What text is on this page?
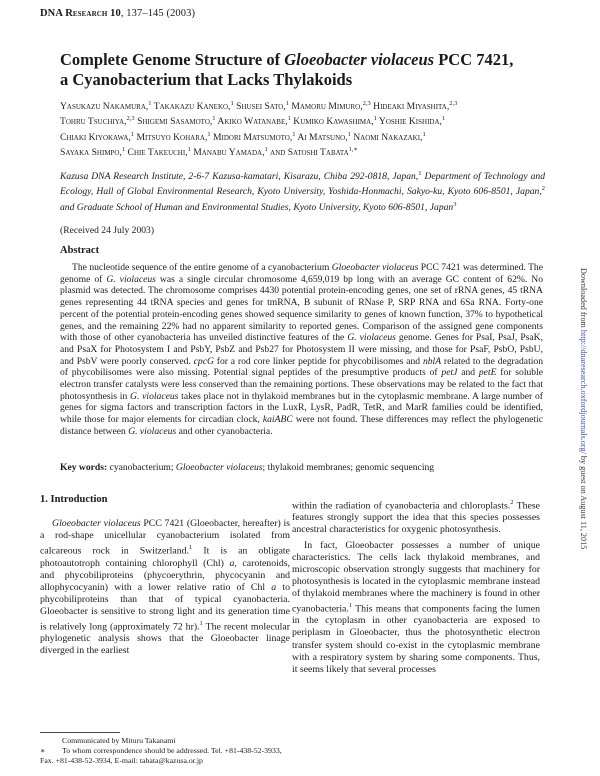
DNA Research 10, 137–145 (2003)
Complete Genome Structure of Gloeobacter violaceus PCC 7421,
a Cyanobacterium that Lacks Thylakoids
Yasukazu Nakamura,$^1$ Takakazu Kaneko,$^1$ Shusei Sato,$^1$ Mamoru Mimuro,$^{2,3}$ Hideaki Miyashita,$^{2,3}$
Tohru Tsuchiya,$^{2,3}$ Shigemi Sasamoto,$^1$ Akiko Watanabe,$^1$ Kumiko Kawashima,$^1$ Yoshie Kishida,$^1$
Chiaki Kiyokawa,$^1$ Mitsuyo Kohara,$^1$ Midori Matsumoto,$^1$ Ai Matsuno,$^1$ Naomi Nakazaki,$^1$
Sayaka Shimpo,$^1$ Chie Takeuchi,$^1$ Manabu Yamada,$^1$ and Satoshi Tabata$^{1,∗}$
Kazusa DNA Research Institute, 2-6-7 Kazusa-kamatari, Kisarazu, Chiba 292-0818, Japan,$^1$ Department of Technology and Ecology, Hall of Global Environmental Research, Kyoto University, Yoshida-Honmachi, Sakyo-ku, Kyoto 606-8501, Japan,$^2$ and Graduate School of Human and Environmental Studies, Kyoto University, Kyoto 606-8501, Japan$^3$
(Received 24 July 2003)
Abstract
The nucleotide sequence of the entire genome of a cyanobacterium Gloeobacter violaceus PCC 7421 was determined. The genome of G. violaceus was a single circular chromosome 4,659,019 bp long with an average GC content of 62%. No plasmid was detected. The chromosome comprises 4430 potential protein-encoding genes, one set of rRNA genes, 45 tRNA genes representing 44 tRNA species and genes for tmRNA, B subunit of RNase P, SRP RNA and 6Sa RNA. Forty-one percent of the potential protein-encoding genes showed sequence similarity to genes of known function, 37% to hypothetical genes, and the remaining 22% had no apparent similarity to reported genes. Comparison of the assigned gene components with those of other cyanobacteria has unveiled distinctive features of the G. violaceus genome. Genes for PsaI, PsaJ, PsaK, and PsaX for Photosystem I and PsbY, PsbZ and Psb27 for Photosystem II were missing, and those for PsaF, PsbO, PsbU, and PsbV were poorly conserved. cpcG for a rod core linker peptide for phycobilisomes and nblA related to the degradation of phycobilisomes were also missing. Potential signal peptides of the presumptive products of petJ and petE for soluble electron transfer catalysts were less conserved than the remaining portions. These observations may be related to the fact that photosynthesis in G. violaceus takes place not in thylakoid membranes but in the cytoplasmic membrane. A large number of genes for sigma factors and transcription factors in the LuxR, LysR, PadR, TetR, and MarR families could be identified, while those for major elements for circadian clock, kaiABC were not found. These differences may reflect the phylogenetic distance between G. violaceus and other cyanobacteria.
Key words: cyanobacterium; Gloeobacter violaceus; thylakoid membranes; genomic sequencing
Downloaded from http://dnaresearch.oxfordjournals.org/ by guest on August 11, 2015
1. Introduction
Gloeobacter violaceus PCC 7421 (Gloeobacter, hereafter) is a rod-shape unicellular cyanobacterium isolated from calcareous rock in Switzerland.$^1$ It is an obligate photoautotroph containing chlorophyll (Chl) a, carotenoids, and phycobiliproteins (phycoerythrin, phycocyanin and allophycocyanin) with a lower relative ratio of Chl a to phycobiliproteins than that of typical cyanobacteria. Gloeobacter is sensitive to strong light and its generation time is relatively long (approximately 72 hr).$^1$ The recent molecular phylogenetic analysis shows that the Gloeobacter linage diverged in the earliest

within the radiation of cyanobacteria and chloroplasts.$^2$ These features strongly support the idea that this species possesses ancestral characteristics for oxygenic photosynthesis.

In fact, Gloeobacter possesses a number of unique characteristics. The cells lack thylakoid membranes, and microscopic observation strongly suggests that machinery for photosynthesis is located in the cytoplasmic membrane instead of thylakoid membranes where the machinery is found in other cyanobacteria.$^1$ This means that components facing the lumen in the cytoplasm in other cyanobacteria are exposed to periplasm in Gloeobacter, thus the photosynthetic electron transfer system should co-exist in the cytoplasmic membrane with a respiratory system by sharing some components. Thus, it seems likely that several processes

Communicated by Mituru Takanami
∗ To whom correspondence should be addressed. Tel. +81-438-52-3933, Fax. +81-438-52-3934, E-mail: tabata@kazusa.or.jp
